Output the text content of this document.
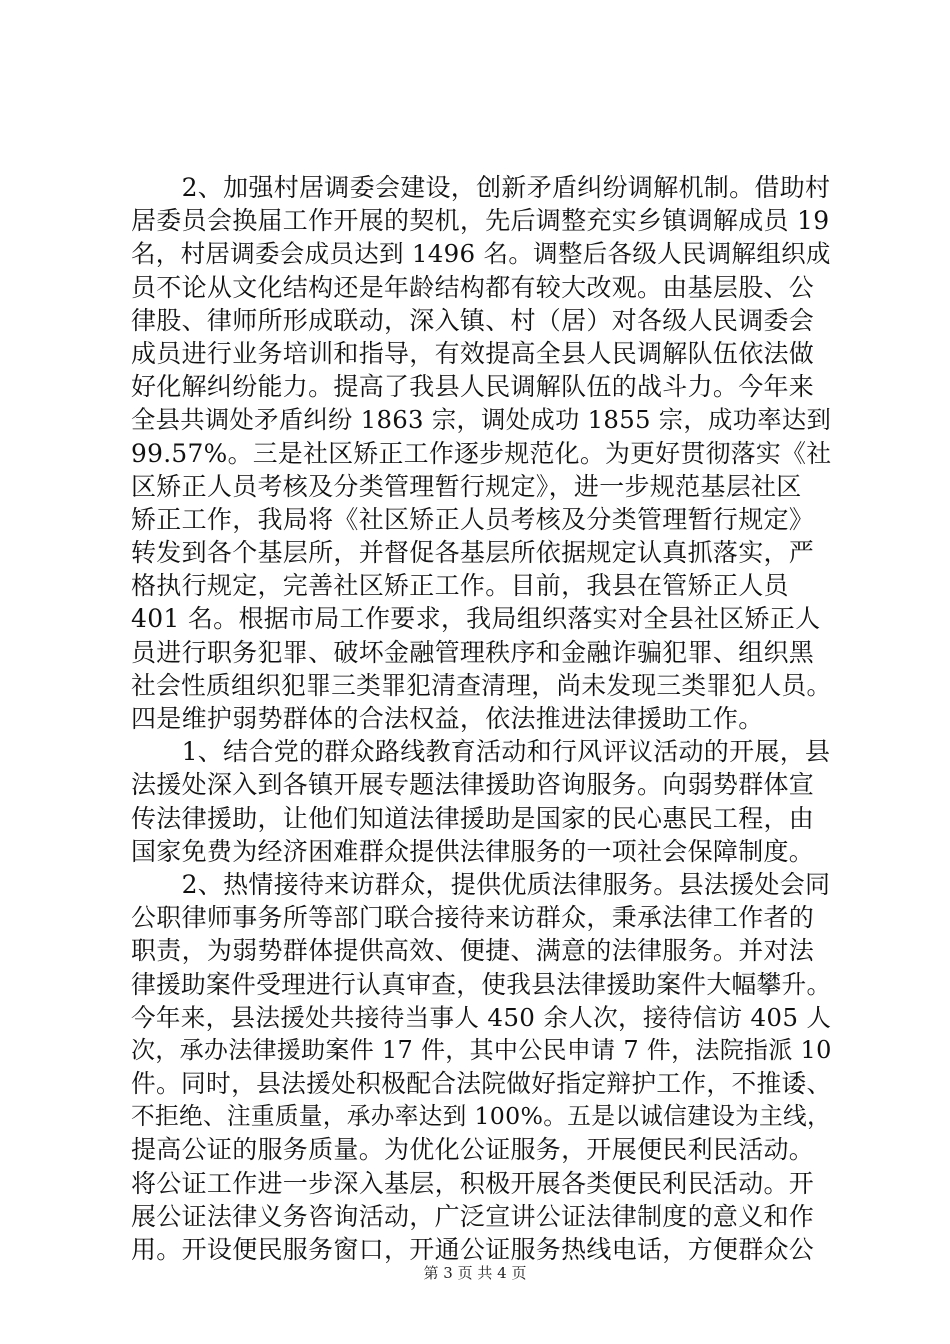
　　2、加强村居调委会建设，创新矛盾纠纷调解机制。借助村
居委员会换届工作开展的契机，先后调整充实乡镇调解成员 19
名，村居调委会成员达到 1496 名。调整后各级人民调解组织成
员不论从文化结构还是年龄结构都有较大改观。由基层股、公
律股、律师所形成联动，深入镇、村（居）对各级人民调委会
成员进行业务培训和指导，有效提高全县人民调解队伍依法做
好化解纠纷能力。提高了我县人民调解队伍的战斗力。今年来
全县共调处矛盾纠纷 1863 宗，调处成功 1855 宗，成功率达到
99.57%。三是社区矫正工作逐步规范化。为更好贯彻落实《社
区矫正人员考核及分类管理暂行规定》，进一步规范基层社区
矫正工作，我局将《社区矫正人员考核及分类管理暂行规定》
转发到各个基层所，并督促各基层所依据规定认真抓落实，严
格执行规定，完善社区矫正工作。目前，我县在管矫正人员
401 名。根据市局工作要求，我局组织落实对全县社区矫正人
员进行职务犯罪、破坏金融管理秩序和金融诈骗犯罪、组织黑
社会性质组织犯罪三类罪犯清查清理，尚未发现三类罪犯人员。
四是维护弱势群体的合法权益，依法推进法律援助工作。
　　1、结合党的群众路线教育活动和行风评议活动的开展，县
法援处深入到各镇开展专题法律援助咨询服务。向弱势群体宣
传法律援助，让他们知道法律援助是国家的民心惠民工程，由
国家免费为经济困难群众提供法律服务的一项社会保障制度。
　　2、热情接待来访群众，提供优质法律服务。县法援处会同
公职律师事务所等部门联合接待来访群众，秉承法律工作者的
职责，为弱势群体提供高效、便捷、满意的法律服务。并对法
律援助案件受理进行认真审查，使我县法律援助案件大幅攀升。
今年来，县法援处共接待当事人 450 余人次，接待信访 405 人
次，承办法律援助案件 17 件，其中公民申请 7 件，法院指派 10
件。同时，县法援处积极配合法院做好指定辩护工作，不推诿、
不拒绝、注重质量，承办率达到 100%。五是以诚信建设为主线，
提高公证的服务质量。为优化公证服务，开展便民利民活动。
将公证工作进一步深入基层，积极开展各类便民利民活动。开
展公证法律义务咨询活动，广泛宣讲公证法律制度的意义和作
用。开设便民服务窗口，开通公证服务热线电话，方便群众公
第 3 页 共 4 页
